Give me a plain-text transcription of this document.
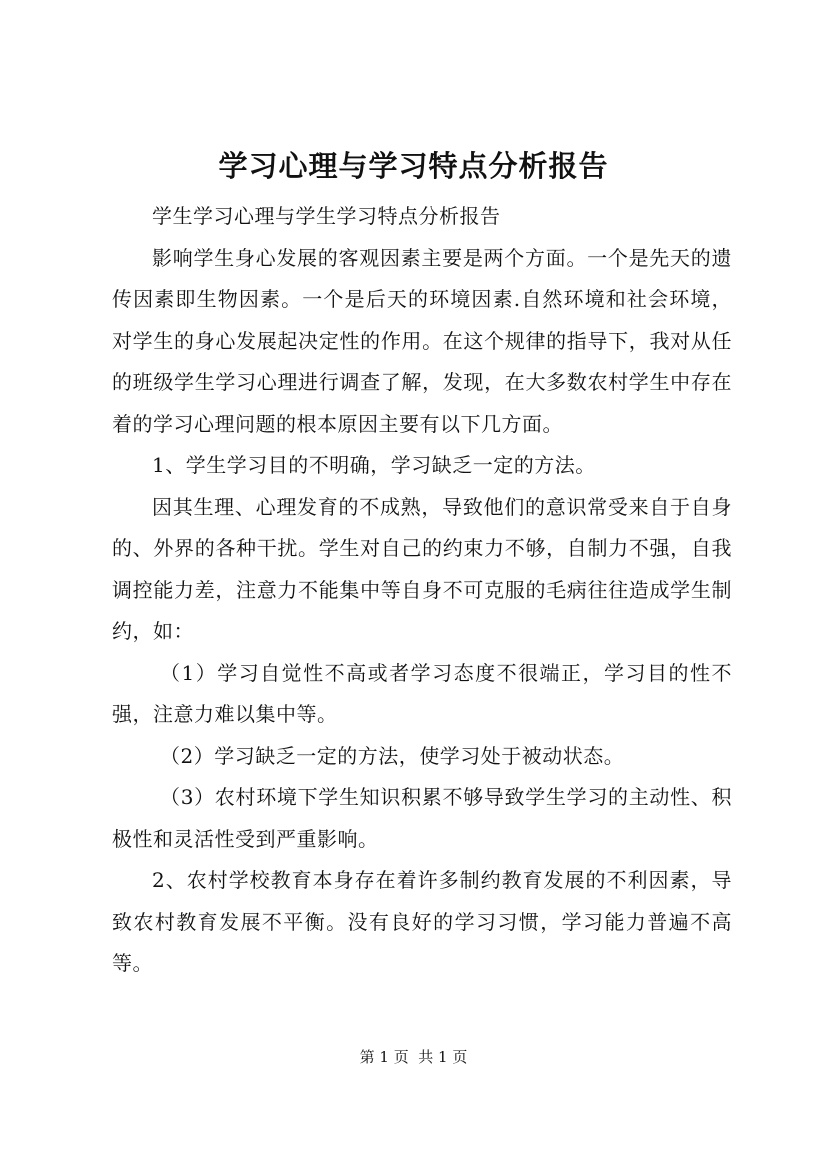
学习心理与学习特点分析报告

学生学习心理与学生学习特点分析报告

影响学生身心发展的客观因素主要是两个方面。一个是先天的遗传因素即生物因素。一个是后天的环境因素.自然环境和社会环境，对学生的身心发展起决定性的作用。在这个规律的指导下，我对从任的班级学生学习心理进行调查了解，发现，在大多数农村学生中存在着的学习心理问题的根本原因主要有以下几方面。

1、学生学习目的不明确，学习缺乏一定的方法。

因其生理、心理发育的不成熟，导致他们的意识常受来自于自身的、外界的各种干扰。学生对自己的约束力不够，自制力不强，自我调控能力差，注意力不能集中等自身不可克服的毛病往往造成学生制约，如：

（1）学习自觉性不高或者学习态度不很端正，学习目的性不强，注意力难以集中等。

（2）学习缺乏一定的方法，使学习处于被动状态。

（3）农村环境下学生知识积累不够导致学生学习的主动性、积极性和灵活性受到严重影响。

2、农村学校教育本身存在着许多制约教育发展的不利因素，导致农村教育发展不平衡。没有良好的学习习惯，学习能力普遍不高等。

第 1 页  共 1 页
